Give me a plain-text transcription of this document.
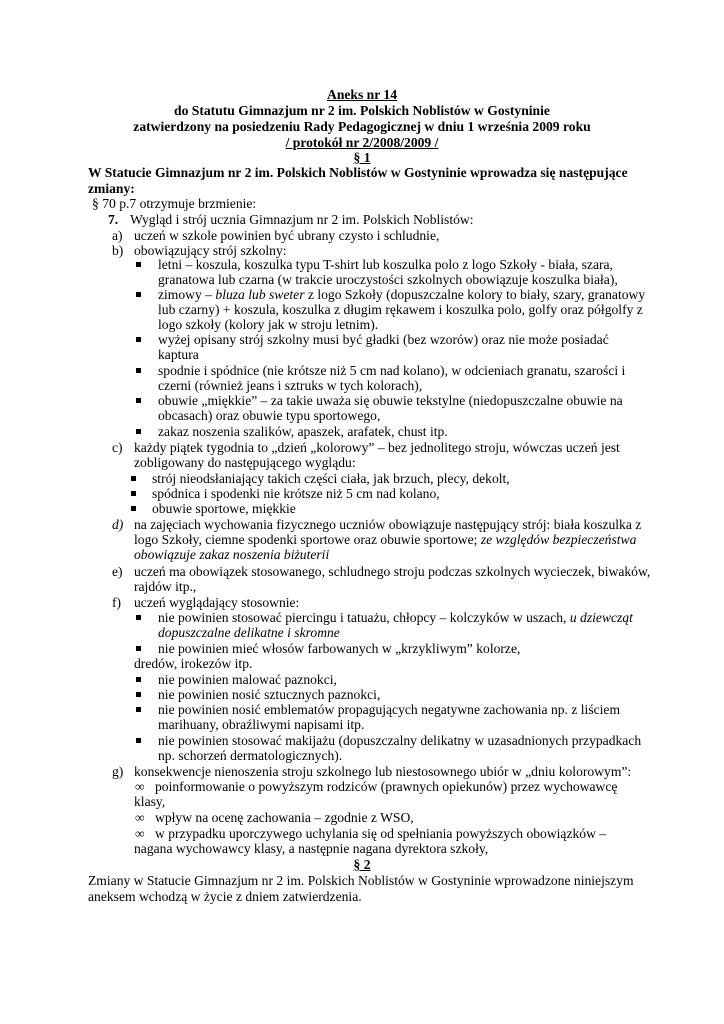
Aneks nr 14
do Statutu Gimnazjum nr 2 im. Polskich Noblistów w Gostyninie
zatwierdzony na posiedzeniu Rady Pedagogicznej w dniu 1 września 2009 roku
/ protokół nr 2/2008/2009 /
§ 1
W Statucie Gimnazjum nr 2 im. Polskich Noblistów w Gostyninie wprowadza się następujące
zmiany:
§ 70 p.7 otrzymuje brzmienie:
7. Wygląd i strój ucznia Gimnazjum nr 2 im. Polskich Noblistów:
a) uczeń w szkole powinien być ubrany czysto i schludnie,
b) obowiązujący strój szkolny:
letni – koszula, koszulka typu T-shirt lub koszulka polo z logo Szkoły - biała, szara,
granatowa lub czarna (w trakcie uroczystości szkolnych obowiązuje koszulka biała),
zimowy – bluza lub sweter z logo Szkoły (dopuszczalne kolory to biały, szary, granatowy
lub czarny) + koszula, koszulka z długim rękawem i koszulka polo, golfy oraz półgolfy z
logo szkoły (kolory jak w stroju letnim).
wyżej opisany strój szkolny musi być gładki (bez wzorów) oraz nie może posiadać
kaptura
spodnie i spódnice (nie krótsze niż 5 cm nad kolano), w odcieniach granatu, szarości i
czerni (również jeans i sztruks w tych kolorach),
obuwie „miękkie” – za takie uważa się obuwie tekstylne (niedopuszczalne obuwie na
obcasach) oraz obuwie typu sportowego,
zakaz noszenia szalików, apaszek, arafatek, chust itp.
c) każdy piątek tygodnia to „dzień „kolorowy” – bez jednolitego stroju, wówczas uczeń jest
zobligowany do następującego wyglądu:
strój nieodsłaniający takich części ciała, jak brzuch, plecy, dekolt,
spódnica i spodenki nie krótsze niż 5 cm nad kolano,
obuwie sportowe, miękkie
d) na zajęciach wychowania fizycznego uczniów obowiązuje następujący strój: biała koszulka z
logo Szkoły, ciemne spodenki sportowe oraz obuwie sportowe; ze względów bezpieczeństwa
obowiązuje zakaz noszenia biżuterii
e) uczeń ma obowiązek stosowanego, schludnego stroju podczas szkolnych wycieczek, biwaków,
rajdów itp.,
f) uczeń wyglądający stosownie:
nie powinien stosować piercingu i tatuażu, chłopcy – kolczyków w uszach, u dziewcząt
dopuszczalne delikatne i skromne
nie powinien mieć włosów farbowanych w „krzykliwym” kolorze,
dredów, irokezów itp.
nie powinien malować paznokci,
nie powinien nosić sztucznych paznokci,
nie powinien nosić emblematów propagujących negatywne zachowania np. z liściem
marihuany, obraźliwymi napisami itp.
nie powinien stosować makijażu (dopuszczalny delikatny w uzasadnionych przypadkach
np. schorzeń dermatologicznych).
g) konsekwencje nienoszenia stroju szkolnego lub niestosownego ubiór w „dniu kolorowym”:
∞ poinformowanie o powyższym rodziców (prawnych opiekunów) przez wychowawcę
klasy,
∞ wpływ na ocenę zachowania – zgodnie z WSO,
∞ w przypadku uporczywego uchylania się od spełniania powyższych obowiązków –
nagana wychowawcy klasy, a następnie nagana dyrektora szkoły,
§ 2
Zmiany w Statucie Gimnazjum nr 2 im. Polskich Noblistów w Gostyninie wprowadzone niniejszym
aneksem wchodzą w życie z dniem zatwierdzenia.
